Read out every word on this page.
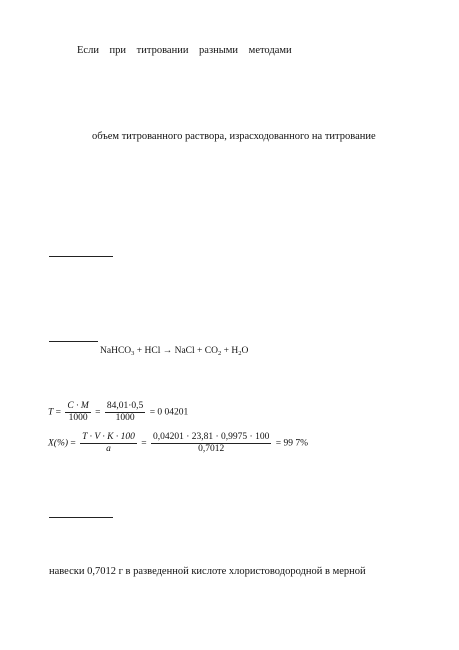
Если при титровании разными методами
объем титрованного раствора, израсходованного на титрование
NaHCO$_3$ + HCl → NaCl + $CO_2 + H_2O$
$T = \frac{C \cdot M}{1000} = \frac{84,01\cdot 0,5}{1000} = 0$ 04201
$X(\%) = \frac{T \cdot V \cdot K \cdot 100}{a} = \frac{0,04201 \cdot 23,81 \cdot 0,9975 \cdot 100}{0,7012} = 99$ 7%
навески 0,7012 г в разведенной кислоте хлористоводородной в мерной
